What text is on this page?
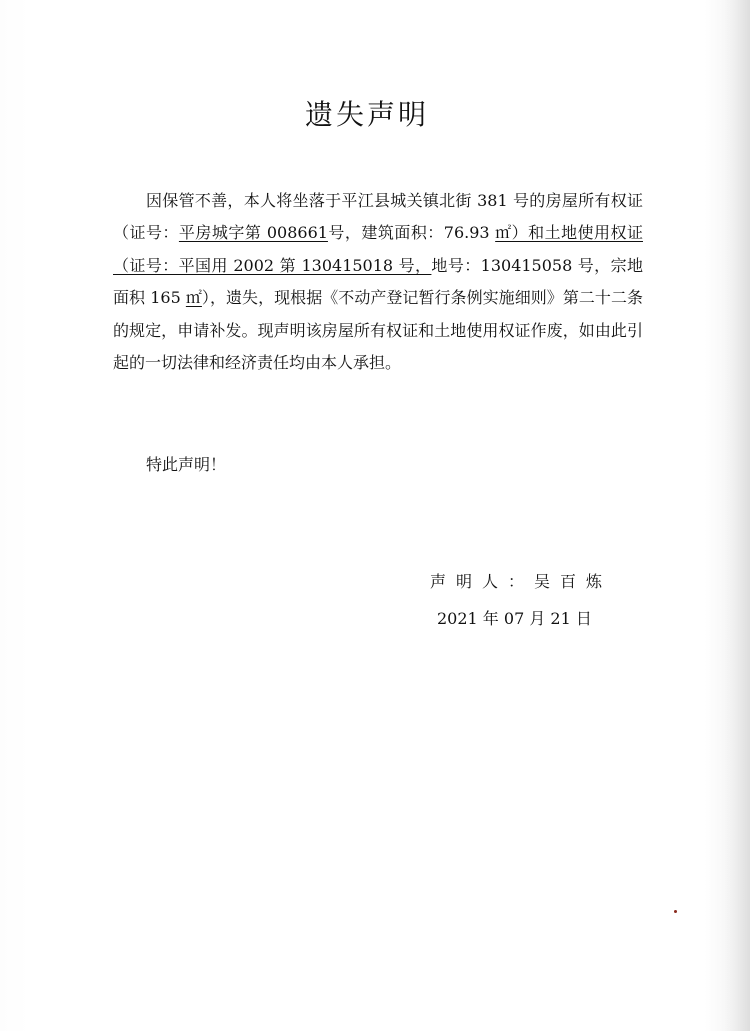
遗失声明

因保管不善，本人将坐落于平江县城关镇北街 381 号的房屋所有权证（证号：平房城字第 008661号，建筑面积：76.93 ㎡）和土地使用权证（证号：平国用 2002 第 130415018 号，地号：130415058 号，宗地面积 165 ㎡），遗失，现根据《不动产登记暂行条例实施细则》第二十二条的规定，申请补发。现声明该房屋所有权证和土地使用权证作废，如由此引起的一切法律和经济责任均由本人承担。

特此声明！

声明人：吴百炼

2021 年 07 月 21 日
